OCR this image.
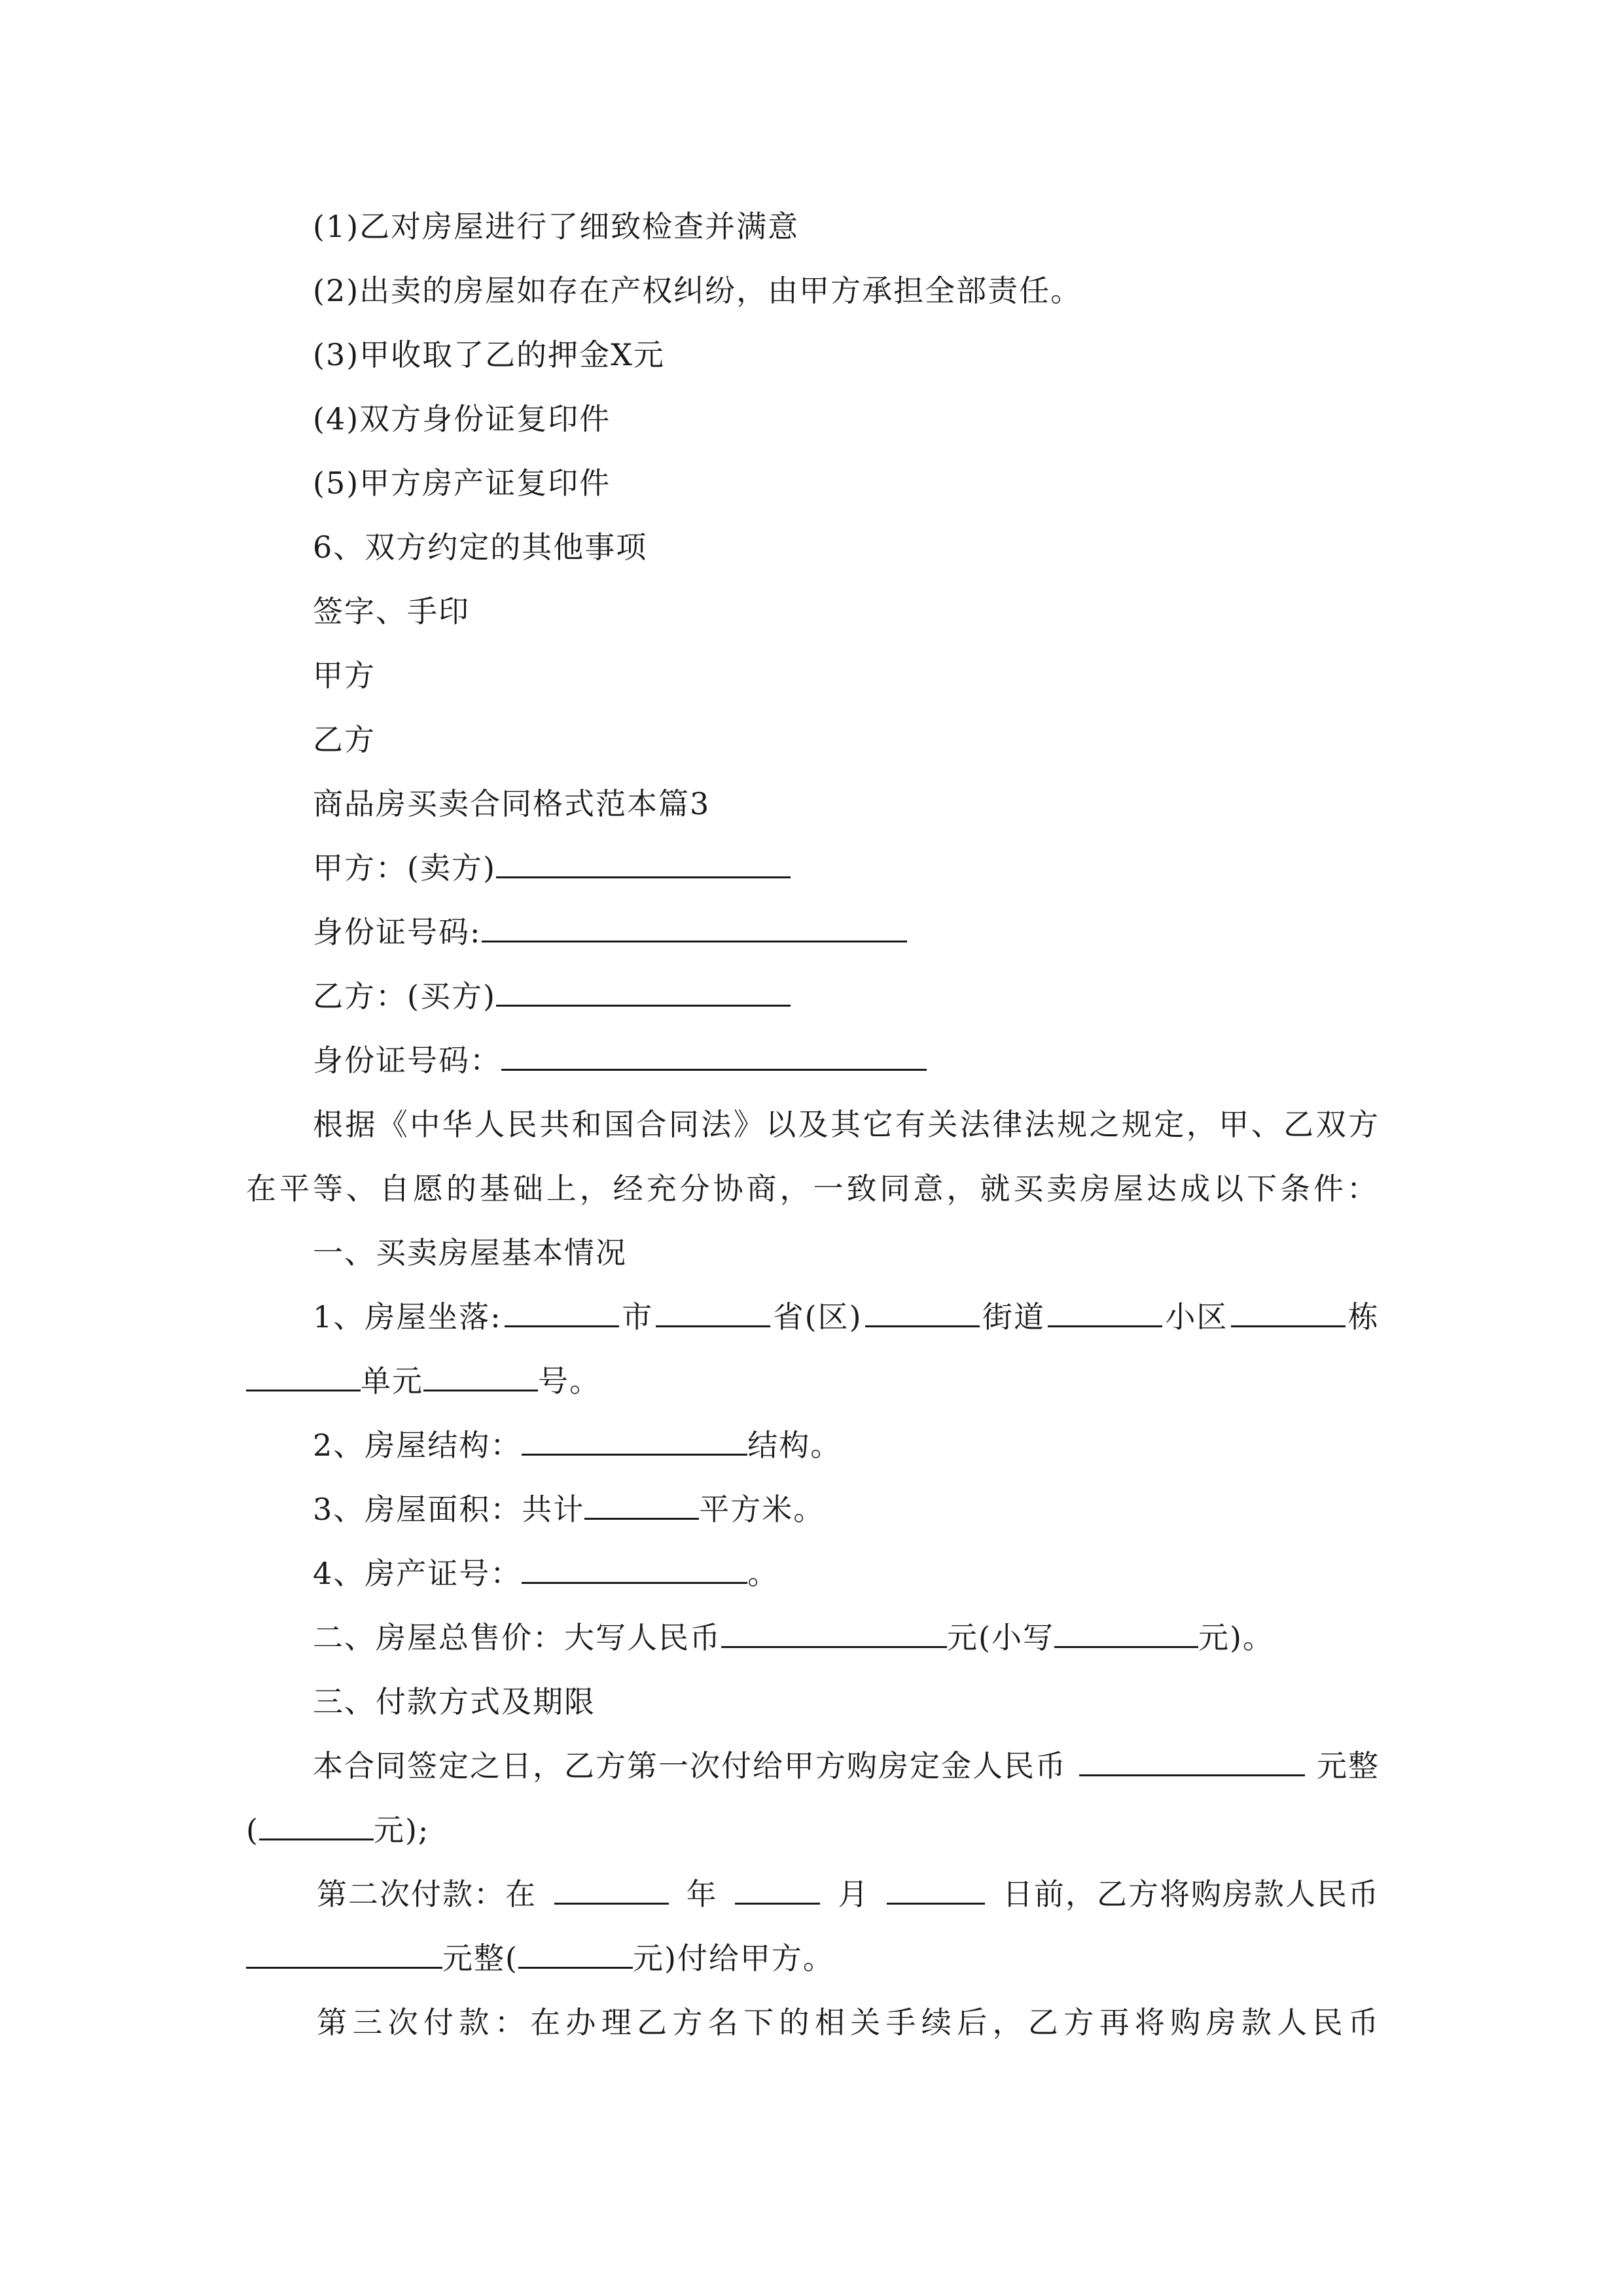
(1)乙对房屋进行了细致检查并满意
(2)出卖的房屋如存在产权纠纷，由甲方承担全部责任。
(3)甲收取了乙的押金X元
(4)双方身份证复印件
(5)甲方房产证复印件
6、双方约定的其他事项
签字、手印
甲方
乙方
商品房买卖合同格式范本篇3
甲方：(卖方)
身份证号码:
乙方：(买方)
身份证号码：
根据《中华人民共和国合同法》以及其它有关法律法规之规定，甲、乙双方
在平等、自愿的基础上，经充分协商，一致同意，就买卖房屋达成以下条件：
一、买卖房屋基本情况
1、房屋坐落:	市	省(区)	街道	小区	栋
单元	号。
2、房屋结构：	结构。
3、房屋面积：共计	平方米。
4、房产证号：	。
二、房屋总售价：大写人民币	元(小写	元)。
三、付款方式及期限
本合同签定之日，乙方第一次付给甲方购房定金人民币	元整
(	元);
第二次付款：在	年	月	日前，乙方将购房款人民币
元整(	元)付给甲方。
第三次付款：在办理乙方名下的相关手续后，乙方再将购房款人民币
